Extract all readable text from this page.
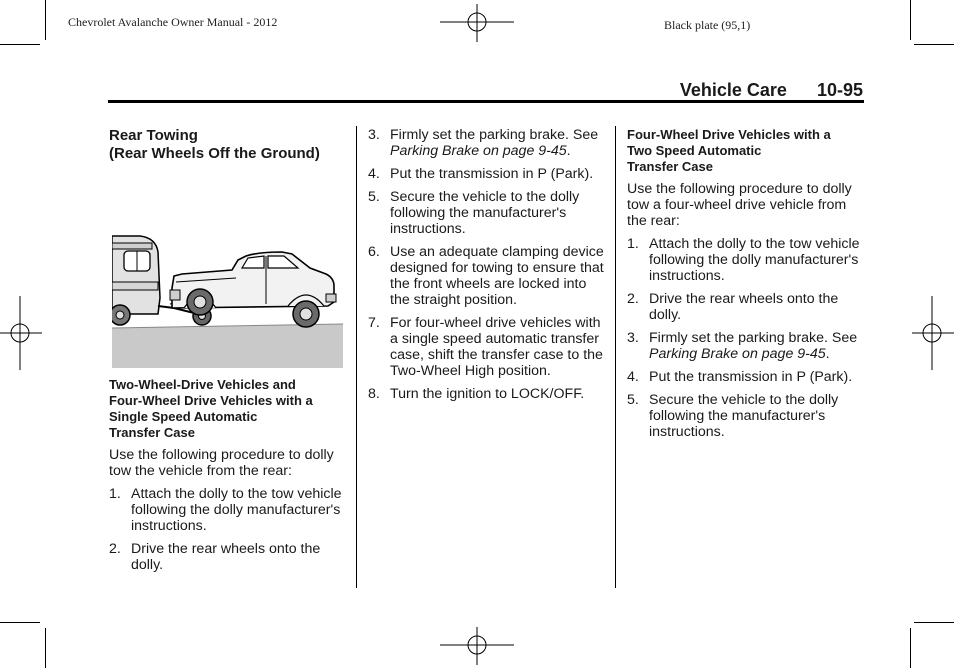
Chevrolet Avalanche Owner Manual - 2012	Black plate (95,1)
Vehicle Care 10-95

Rear Towing
(Rear Wheels Off the Ground)

Two-Wheel-Drive Vehicles and
Four-Wheel Drive Vehicles with a
Single Speed Automatic
Transfer Case

Use the following procedure to dolly tow the vehicle from the rear:

1. Attach the dolly to the tow vehicle following the dolly manufacturer's instructions.
2. Drive the rear wheels onto the dolly.
3. Firmly set the parking brake. See Parking Brake on page 9-45.
4. Put the transmission in P (Park).
5. Secure the vehicle to the dolly following the manufacturer's instructions.
6. Use an adequate clamping device designed for towing to ensure that the front wheels are locked into the straight position.
7. For four-wheel drive vehicles with a single speed automatic transfer case, shift the transfer case to the Two-Wheel High position.
8. Turn the ignition to LOCK/OFF.

Four-Wheel Drive Vehicles with a
Two Speed Automatic
Transfer Case

Use the following procedure to dolly tow a four-wheel drive vehicle from the rear:

1. Attach the dolly to the tow vehicle following the dolly manufacturer's instructions.
2. Drive the rear wheels onto the dolly.
3. Firmly set the parking brake. See Parking Brake on page 9-45.
4. Put the transmission in P (Park).
5. Secure the vehicle to the dolly following the manufacturer's instructions.
